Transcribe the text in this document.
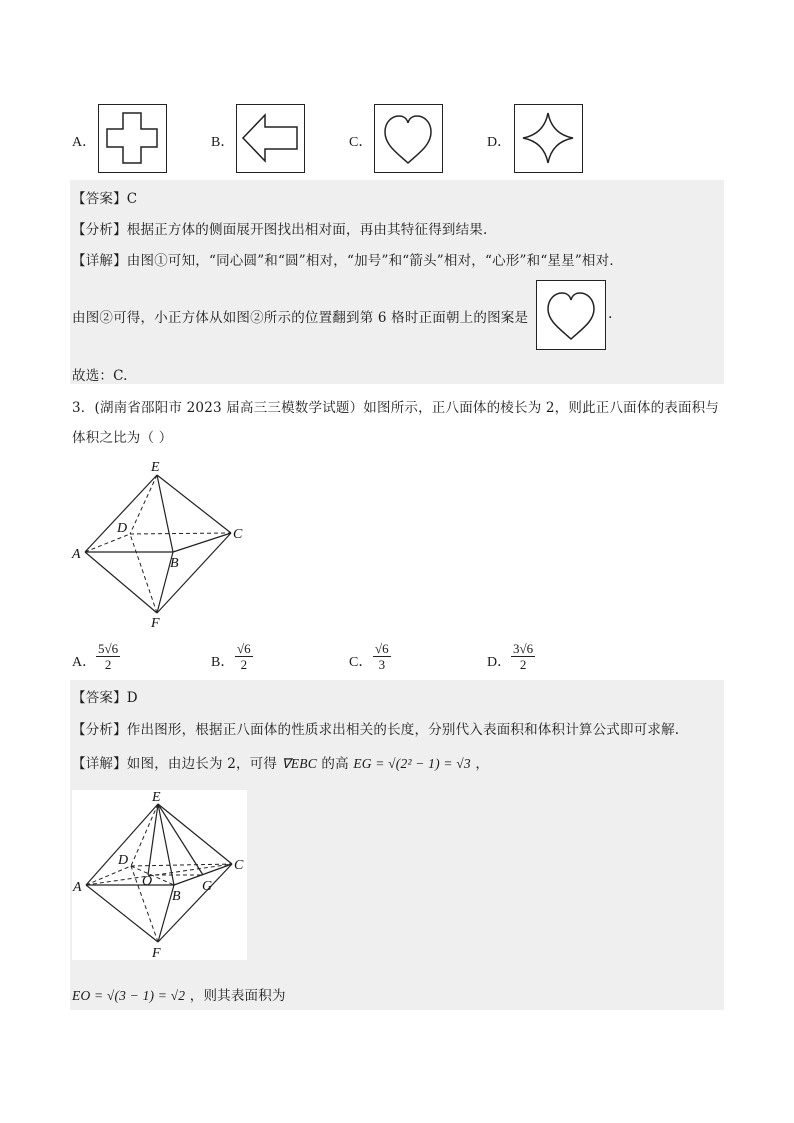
A．	B．	C．	D．
【答案】C
【分析】根据正方体的侧面展开图找出相对面，再由其特征得到结果.
【详解】由图①可知，“同心圆”和“圆”相对，“加号”和“箭头”相对，“心形”和“星星”相对．
由图②可得，小正方体从如图②所示的位置翻到第 6 格时正面朝上的图案是	.
故选：C.
3．(湖南省邵阳市 2023 届高三三模数学试题）如图所示，正八面体的棱长为 2，则此正八面体的表面积与
体积之比为（ ）
E
D	C
A
B
F
A． $\frac{5√6}{2}$	B． $\frac{√6}{2}$	C． $\frac{√6}{3}$	D． $\frac{3√6}{2}$
【答案】D
【分析】作出图形，根据正八面体的性质求出相关的长度，分别代入表面积和体积计算公式即可求解.
【详解】如图，由边长为 2，可得 ∇EBC 的高 EG = √(2² − 1) = √3 ，
E
D	C
A	O
B
G
F
EO = √(3 − 1) = √2 ，则其表面积为
